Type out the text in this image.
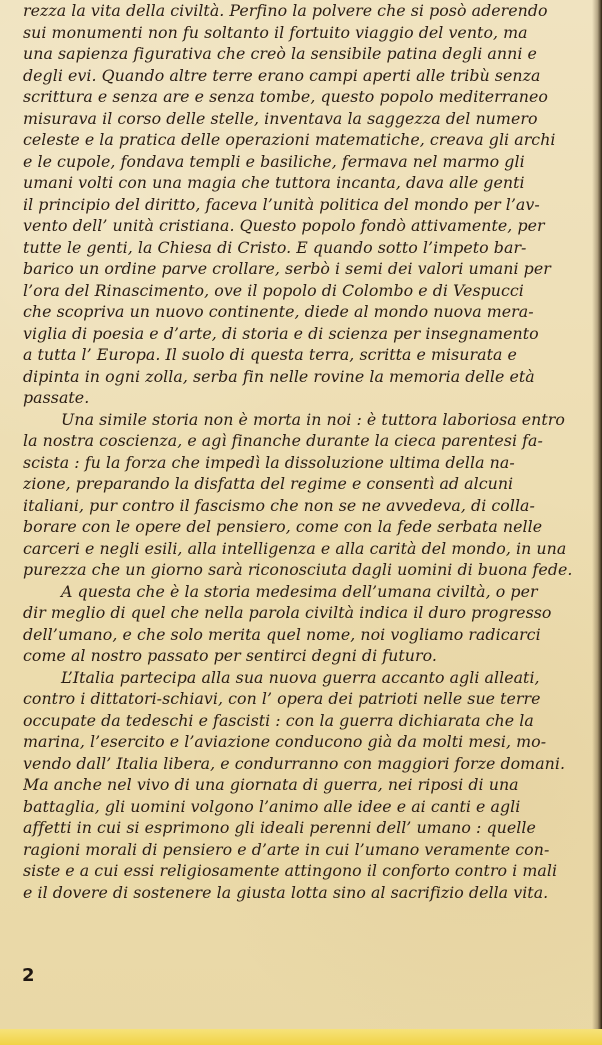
rezza la vita della civiltà. Perfino la polvere che si posò aderendo
sui monumenti non fu soltanto il fortuito viaggio del vento, ma
una sapienza figurativa che creò la sensibile patina degli anni e
degli evi. Quando altre terre erano campi aperti alle tribù senza
scrittura e senza are e senza tombe, questo popolo mediterraneo
misurava il corso delle stelle, inventava la saggezza del numero
celeste e la pratica delle operazioni matematiche, creava gli archi
e le cupole, fondava templi e basiliche, fermava nel marmo gli
umani volti con una magia che tuttora incanta, dava alle genti
il principio del diritto, faceva l’unità politica del mondo per l’av-
vento dell’ unità cristiana. Questo popolo fondò attivamente, per
tutte le genti, la Chiesa di Cristo. E quando sotto l’impeto bar-
barico un ordine parve crollare, serbò i semi dei valori umani per
l’ora del Rinascimento, ove il popolo di Colombo e di Vespucci
che scopriva un nuovo continente, diede al mondo nuova mera-
viglia di poesia e d’arte, di storia e di scienza per insegnamento
a tutta l’ Europa. Il suolo di questa terra, scritta e misurata e
dipinta in ogni zolla, serba fin nelle rovine la memoria delle età
passate.
Una simile storia non è morta in noi : è tuttora laboriosa entro
la nostra coscienza, e agì finanche durante la cieca parentesi fa-
scista : fu la forza che impedì la dissoluzione ultima della na-
zione, preparando la disfatta del regime e consentì ad alcuni
italiani, pur contro il fascismo che non se ne avvedeva, di colla-
borare con le opere del pensiero, come con la fede serbata nelle
carceri e negli esili, alla intelligenza e alla carità del mondo, in una
purezza che un giorno sarà riconosciuta dagli uomini di buona fede.
A questa che è la storia medesima dell’umana civiltà, o per
dir meglio di quel che nella parola civiltà indica il duro progresso
dell’umano, e che solo merita quel nome, noi vogliamo radicarci
come al nostro passato per sentirci degni di futuro.
L’Italia partecipa alla sua nuova guerra accanto agli alleati,
contro i dittatori-schiavi, con l’ opera dei patrioti nelle sue terre
occupate da tedeschi e fascisti : con la guerra dichiarata che la
marina, l’esercito e l’aviazione conducono già da molti mesi, mo-
vendo dall’ Italia libera, e condurranno con maggiori forze domani.
Ma anche nel vivo di una giornata di guerra, nei riposi di una
battaglia, gli uomini volgono l’animo alle idee e ai canti e agli
affetti in cui si esprimono gli ideali perenni dell’ umano : quelle
ragioni morali di pensiero e d’arte in cui l’umano veramente con-
siste e a cui essi religiosamente attingono il conforto contro i mali
e il dovere di sostenere la giusta lotta sino al sacrifizio della vita.
2
